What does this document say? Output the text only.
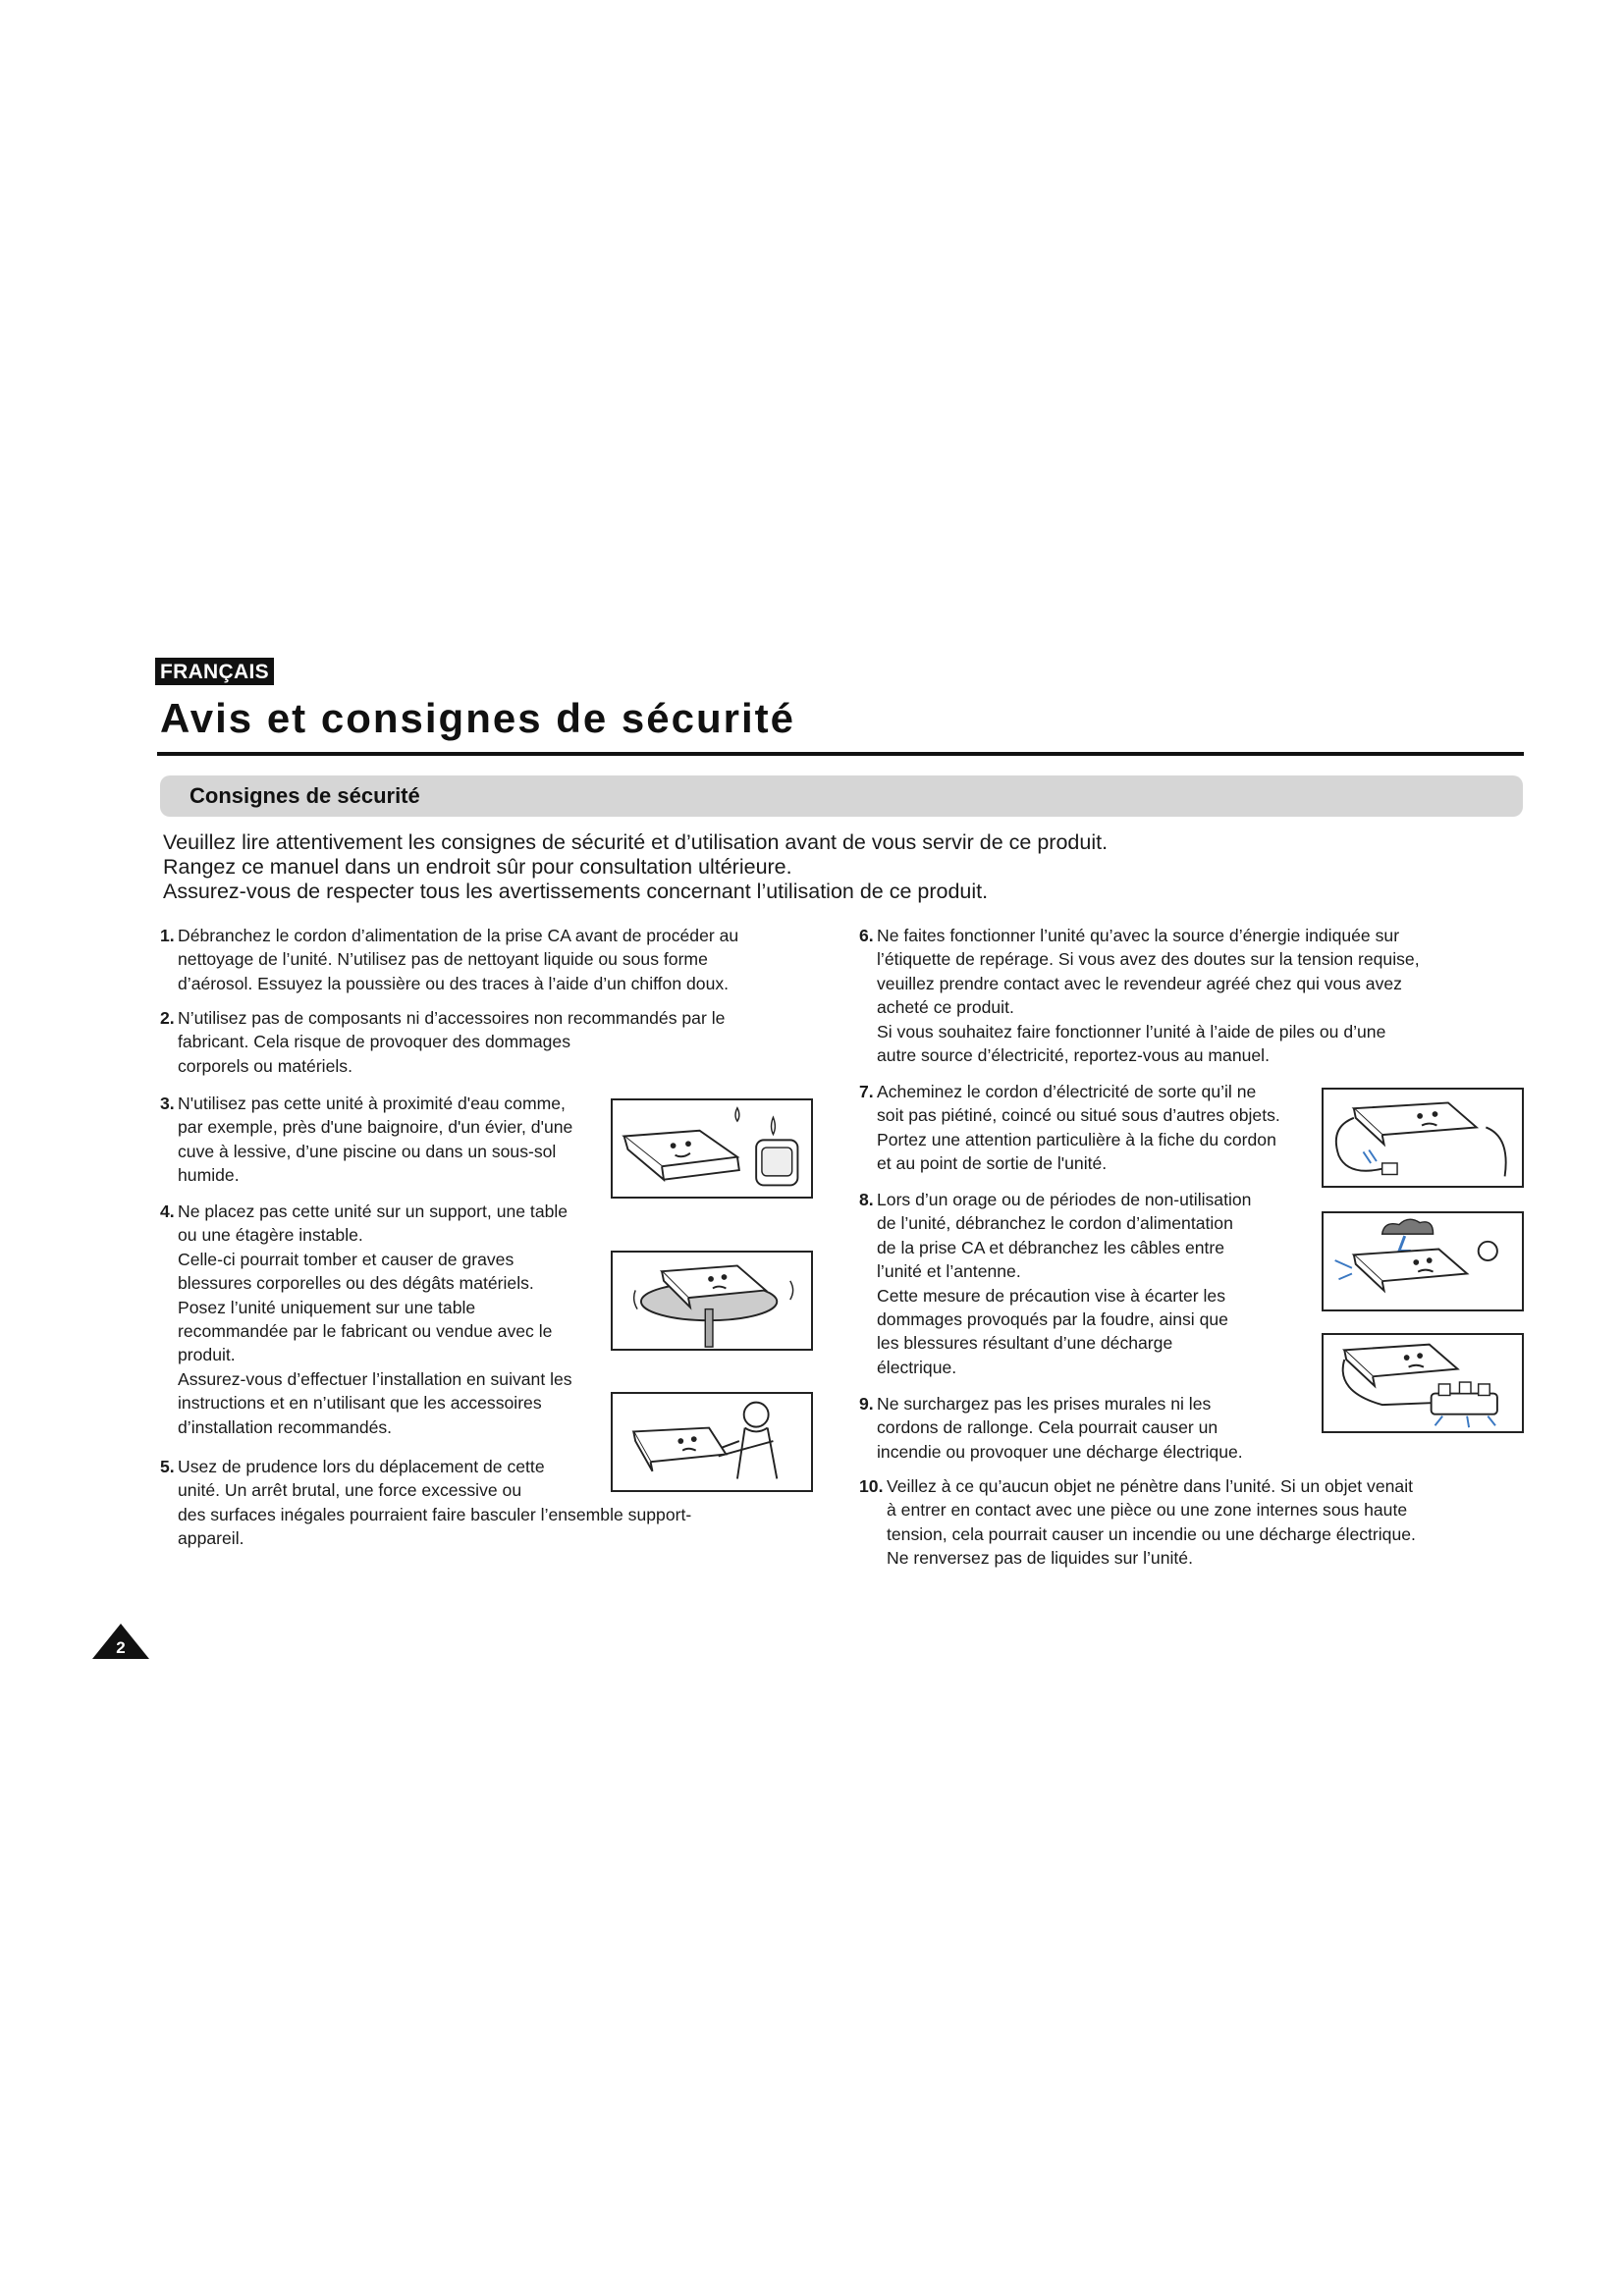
FRANÇAIS
Avis et consignes de sécurité
Consignes de sécurité

Veuillez lire attentivement les consignes de sécurité et d’utilisation avant de vous servir de ce produit.

Rangez ce manuel dans un endroit sûr pour consultation ultérieure.

Assurez-vous de respecter tous les avertissements concernant l’utilisation de ce produit.

1. Débranchez le cordon d’alimentation de la prise CA avant de procéder au
nettoyage de l’unité. N’utilisez pas de nettoyant liquide ou sous forme
d’aérosol. Essuyez la poussière ou des traces à l’aide d’un chiffon doux.
2. N’utilisez pas de composants ni d’accessoires non recommandés par le
fabricant. Cela risque de provoquer des dommages
corporels ou matériels.
3. N'utilisez pas cette unité à proximité d'eau comme,
par exemple, près d'une baignoire, d'un évier, d'une
cuve à lessive, d’une piscine ou dans un sous-sol
humide.
4. Ne placez pas cette unité sur un support, une table
ou une étagère instable.
Celle-ci pourrait tomber et causer de graves
blessures corporelles ou des dégâts matériels.
Posez l’unité uniquement sur une table
recommandée par le fabricant ou vendue avec le
produit.
Assurez-vous d’effectuer l’installation en suivant les
instructions et en n’utilisant que les accessoires
d’installation recommandés.
5. Usez de prudence lors du déplacement de cette
unité. Un arrêt brutal, une force excessive ou
des surfaces inégales pourraient faire basculer l’ensemble support-
appareil.
6. Ne faites fonctionner l’unité qu’avec la source d’énergie indiquée sur
l’étiquette de repérage. Si vous avez des doutes sur la tension requise,
veuillez prendre contact avec le revendeur agréé chez qui vous avez
acheté ce produit.
Si vous souhaitez faire fonctionner l’unité à l’aide de piles ou d’une
autre source d’électricité, reportez-vous au manuel.
7. Acheminez le cordon d’électricité de sorte qu’il ne
soit pas piétiné, coincé ou situé sous d’autres objets.
Portez une attention particulière à la fiche du cordon
et au point de sortie de l'unité.
8. Lors d’un orage ou de périodes de non-utilisation
de l’unité, débranchez le cordon d’alimentation
de la prise CA et débranchez les câbles entre
l’unité et l’antenne.
Cette mesure de précaution vise à écarter les
dommages provoqués par la foudre, ainsi que
les blessures résultant d’une décharge
électrique.
9. Ne surchargez pas les prises murales ni les
cordons de rallonge. Cela pourrait causer un
incendie ou provoquer une décharge électrique.
10. Veillez à ce qu’aucun objet ne pénètre dans l’unité. Si un objet venait
à entrer en contact avec une pièce ou une zone internes sous haute
tension, cela pourrait causer un incendie ou une décharge électrique.
Ne renversez pas de liquides sur l’unité.
2
